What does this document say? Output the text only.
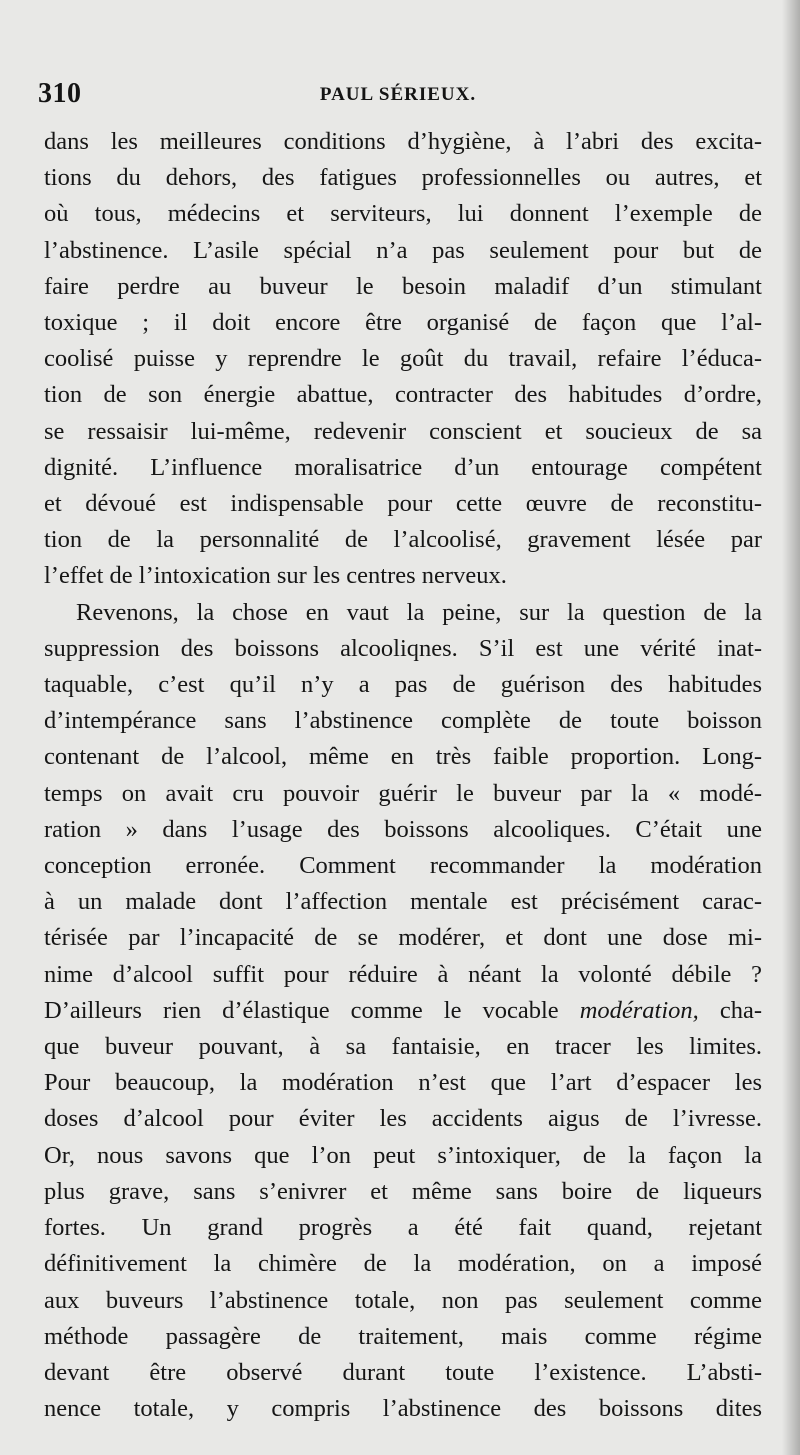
310	PAUL SÉRIEUX.
dans les meilleures conditions d’hygiène, à l’abri des excita-
tions du dehors, des fatigues professionnelles ou autres, et
où tous, médecins et serviteurs, lui donnent l’exemple de
l’abstinence. L’asile spécial n’a pas seulement pour but de
faire perdre au buveur le besoin maladif d’un stimulant
toxique ; il doit encore être organisé de façon que l’al-
coolisé puisse y reprendre le goût du travail, refaire l’éduca-
tion de son énergie abattue, contracter des habitudes d’ordre,
se ressaisir lui-même, redevenir conscient et soucieux de sa
dignité. L’influence moralisatrice d’un entourage compétent
et dévoué est indispensable pour cette œuvre de reconstitu-
tion de la personnalité de l’alcoolisé, gravement lésée par
l’effet de l’intoxication sur les centres nerveux.
Revenons, la chose en vaut la peine, sur la question de la
suppression des boissons alcooliqnes. S’il est une vérité inat-
taquable, c’est qu’il n’y a pas de guérison des habitudes
d’intempérance sans l’abstinence complète de toute boisson
contenant de l’alcool, même en très faible proportion. Long-
temps on avait cru pouvoir guérir le buveur par la « modé-
ration » dans l’usage des boissons alcooliques. C’était une
conception erronée. Comment recommander la modération
à un malade dont l’affection mentale est précisément carac-
térisée par l’incapacité de se modérer, et dont une dose mi-
nime d’alcool suffit pour réduire à néant la volonté débile ?
D’ailleurs rien d’élastique comme le vocable modération, cha-
que buveur pouvant, à sa fantaisie, en tracer les limites.
Pour beaucoup, la modération n’est que l’art d’espacer les
doses d’alcool pour éviter les accidents aigus de l’ivresse.
Or, nous savons que l’on peut s’intoxiquer, de la façon la
plus grave, sans s’enivrer et même sans boire de liqueurs
fortes. Un grand progrès a été fait quand, rejetant
définitivement la chimère de la modération, on a imposé
aux buveurs l’abstinence totale, non pas seulement comme
méthode passagère de traitement, mais comme régime
devant être observé durant toute l’existence. L’absti-
nence totale, y compris l’abstinence des boissons dites
